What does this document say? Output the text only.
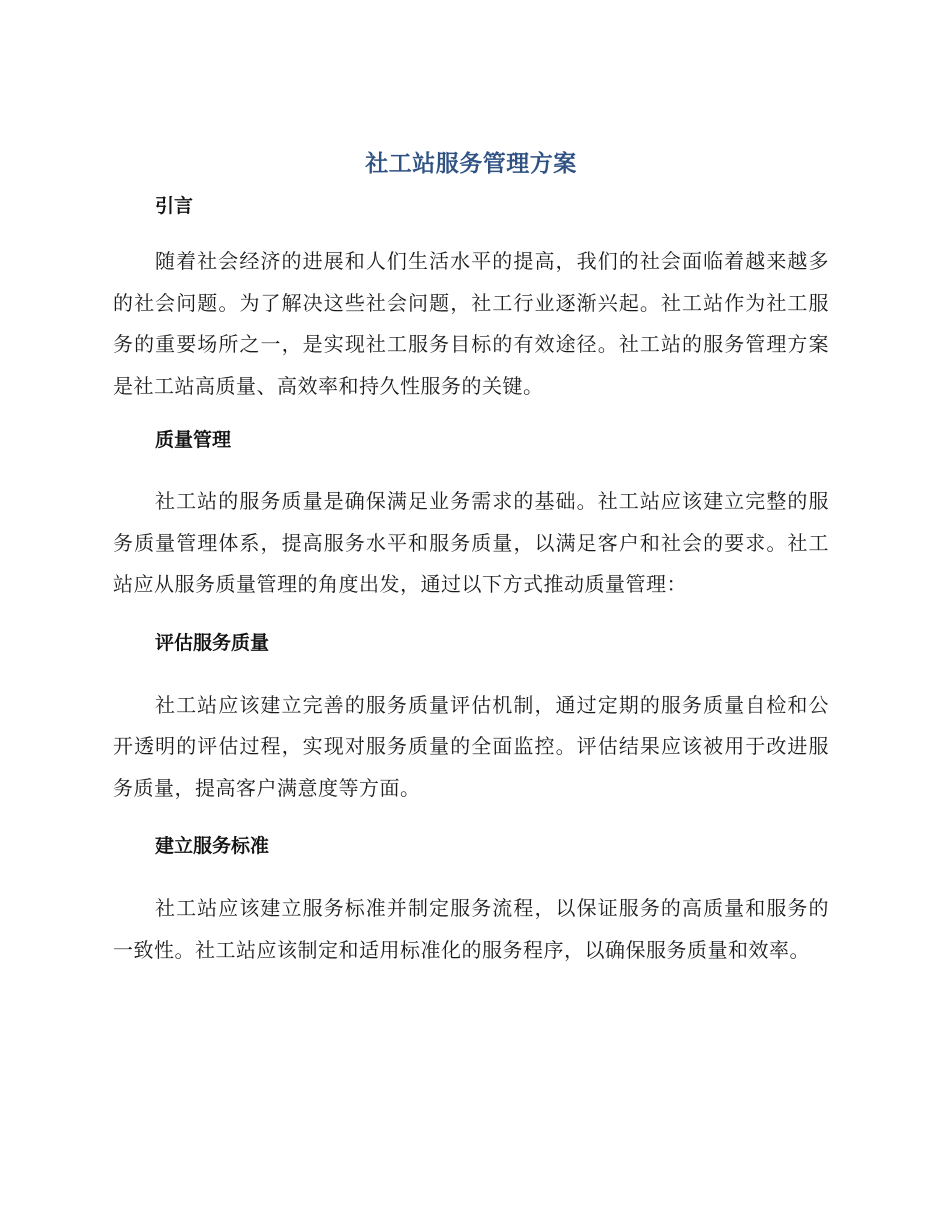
社工站服务管理方案
引言

随着社会经济的进展和人们生活水平的提高，我们的社会面临着越来越多的社会问题。为了解决这些社会问题，社工行业逐渐兴起。社工站作为社工服务的重要场所之一，是实现社工服务目标的有效途径。社工站的服务管理方案是社工站高质量、高效率和持久性服务的关键。

质量管理

社工站的服务质量是确保满足业务需求的基础。社工站应该建立完整的服务质量管理体系，提高服务水平和服务质量，以满足客户和社会的要求。社工站应从服务质量管理的角度出发，通过以下方式推动质量管理：

评估服务质量

社工站应该建立完善的服务质量评估机制，通过定期的服务质量自检和公开透明的评估过程，实现对服务质量的全面监控。评估结果应该被用于改进服务质量，提高客户满意度等方面。

建立服务标准

社工站应该建立服务标准并制定服务流程，以保证服务的高质量和服务的一致性。社工站应该制定和适用标准化的服务程序，以确保服务质量和效率。
